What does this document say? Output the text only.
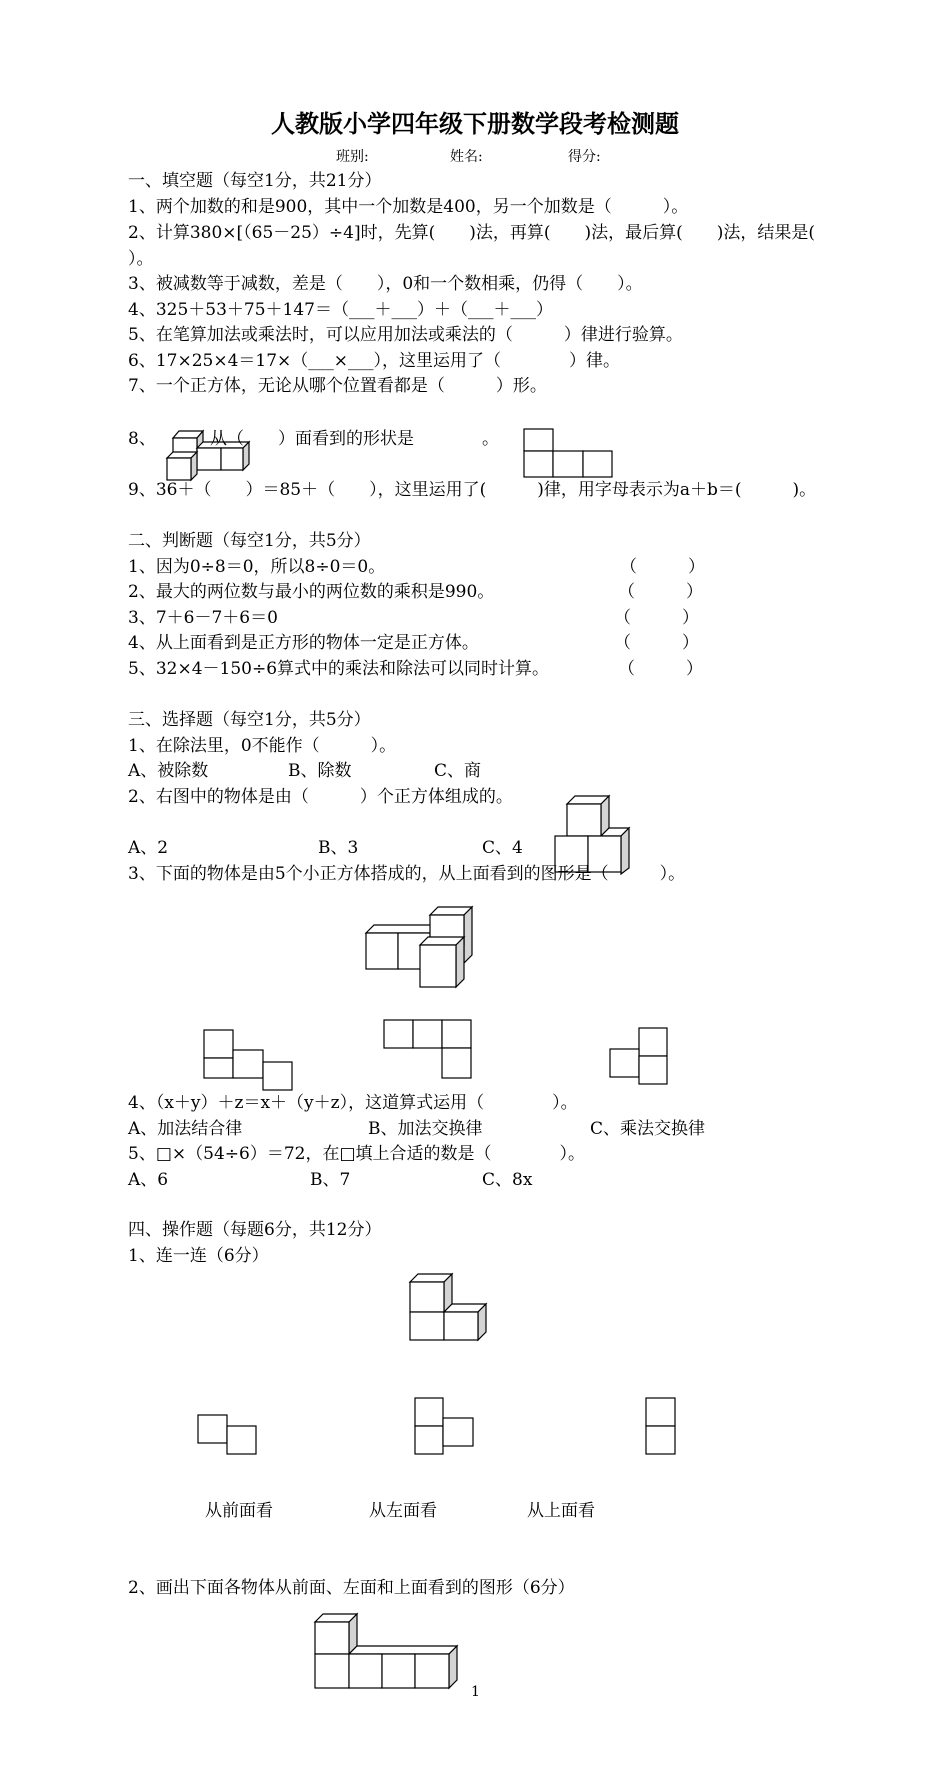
人教版小学四年级下册数学段考检测题
班别:	姓名:	得分:
一、填空题（每空1分，共21分）
1、两个加数的和是900，其中一个加数是400，另一个加数是（　　　）。
2、计算380×[（65－25）÷4]时，先算(　　)法，再算(　　)法，最后算(　　)法，结果是(
）。
3、被减数等于减数，差是（　　），0和一个数相乘，仍得（　　）。
4、325＋53＋75＋147＝（___＋___）＋（___＋___）
5、在笔算加法或乘法时，可以应用加法或乘法的（　　　）律进行验算。
6、17×25×4＝17×（___×___），这里运用了（　　　　）律。
7、一个正方体，无论从哪个位置看都是（　　　）形。
8、	从（　　）面看到的形状是　　　　。
9、36＋（　　）＝85＋（　　），这里运用了(　　　)律，用字母表示为a＋b＝(　　　)。
二、判断题（每空1分，共5分）
1、因为0÷8＝0，所以8÷0＝0。	（　　　）
2、最大的两位数与最小的两位数的乘积是990。	（　　　）
3、7＋6－7＋6＝0	（　　　）
4、从上面看到是正方形的物体一定是正方体。	（　　　）
5、32×4－150÷6算式中的乘法和除法可以同时计算。	（　　　）
三、选择题（每空1分，共5分）
1、在除法里，0不能作（　　　）。
A、被除数	B、除数	C、商
2、右图中的物体是由（　　　）个正方体组成的。
A、2	B、3	C、4
3、下面的物体是由5个小正方体搭成的，从上面看到的图形是（　　　）。
4、（x＋y）＋z＝x＋（y＋z），这道算式运用（　　　　）。
A、加法结合律	B、加法交换律	C、乘法交换律
5、□×（54÷6）＝72，在□填上合适的数是（　　　　）。
A、6	B、7	C、8x
四、操作题（每题6分，共12分）
1、连一连（6分）
从前面看	从左面看	从上面看
2、画出下面各物体从前面、左面和上面看到的图形（6分）
1
